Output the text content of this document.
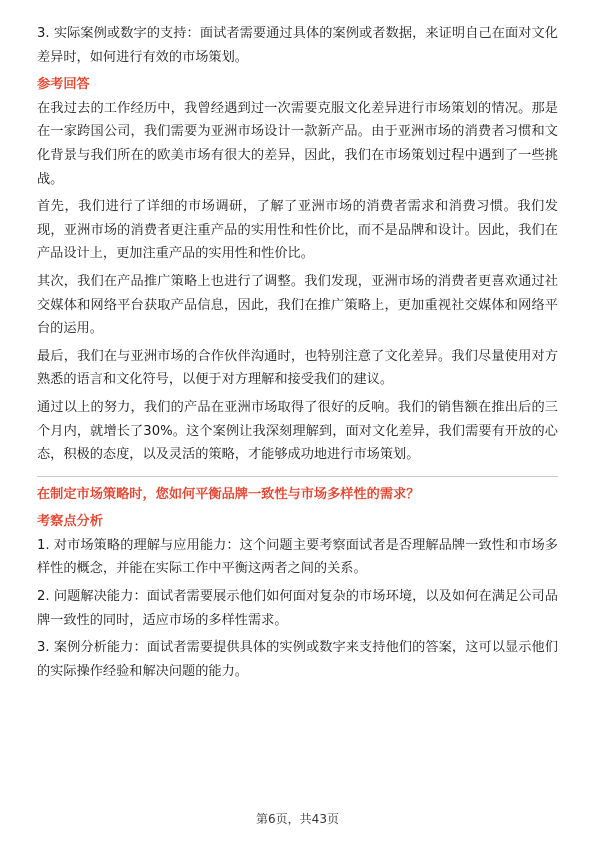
3. 实际案例或数字的支持：面试者需要通过具体的案例或者数据，来证明自己在面对文化差异时，如何进行有效的市场策划。

参考回答

在我过去的工作经历中，我曾经遇到过一次需要克服文化差异进行市场策划的情况。那是在一家跨国公司，我们需要为亚洲市场设计一款新产品。由于亚洲市场的消费者习惯和文化背景与我们所在的欧美市场有很大的差异，因此，我们在市场策划过程中遇到了一些挑战。

首先，我们进行了详细的市场调研，了解了亚洲市场的消费者需求和消费习惯。我们发现，亚洲市场的消费者更注重产品的实用性和性价比，而不是品牌和设计。因此，我们在产品设计上，更加注重产品的实用性和性价比。

其次，我们在产品推广策略上也进行了调整。我们发现，亚洲市场的消费者更喜欢通过社交媒体和网络平台获取产品信息，因此，我们在推广策略上，更加重视社交媒体和网络平台的运用。

最后，我们在与亚洲市场的合作伙伴沟通时，也特别注意了文化差异。我们尽量使用对方熟悉的语言和文化符号，以便于对方理解和接受我们的建议。

通过以上的努力，我们的产品在亚洲市场取得了很好的反响。我们的销售额在推出后的三个月内，就增长了30%。这个案例让我深刻理解到，面对文化差异，我们需要有开放的心态，积极的态度，以及灵活的策略，才能够成功地进行市场策划。

在制定市场策略时，您如何平衡品牌一致性与市场多样性的需求？
考察点分析

1. 对市场策略的理解与应用能力：这个问题主要考察面试者是否理解品牌一致性和市场多样性的概念，并能在实际工作中平衡这两者之间的关系。

2. 问题解决能力：面试者需要展示他们如何面对复杂的市场环境，以及如何在满足公司品牌一致性的同时，适应市场的多样性需求。

3. 案例分析能力：面试者需要提供具体的实例或数字来支持他们的答案，这可以显示他们的实际操作经验和解决问题的能力。

第6页，共43页
